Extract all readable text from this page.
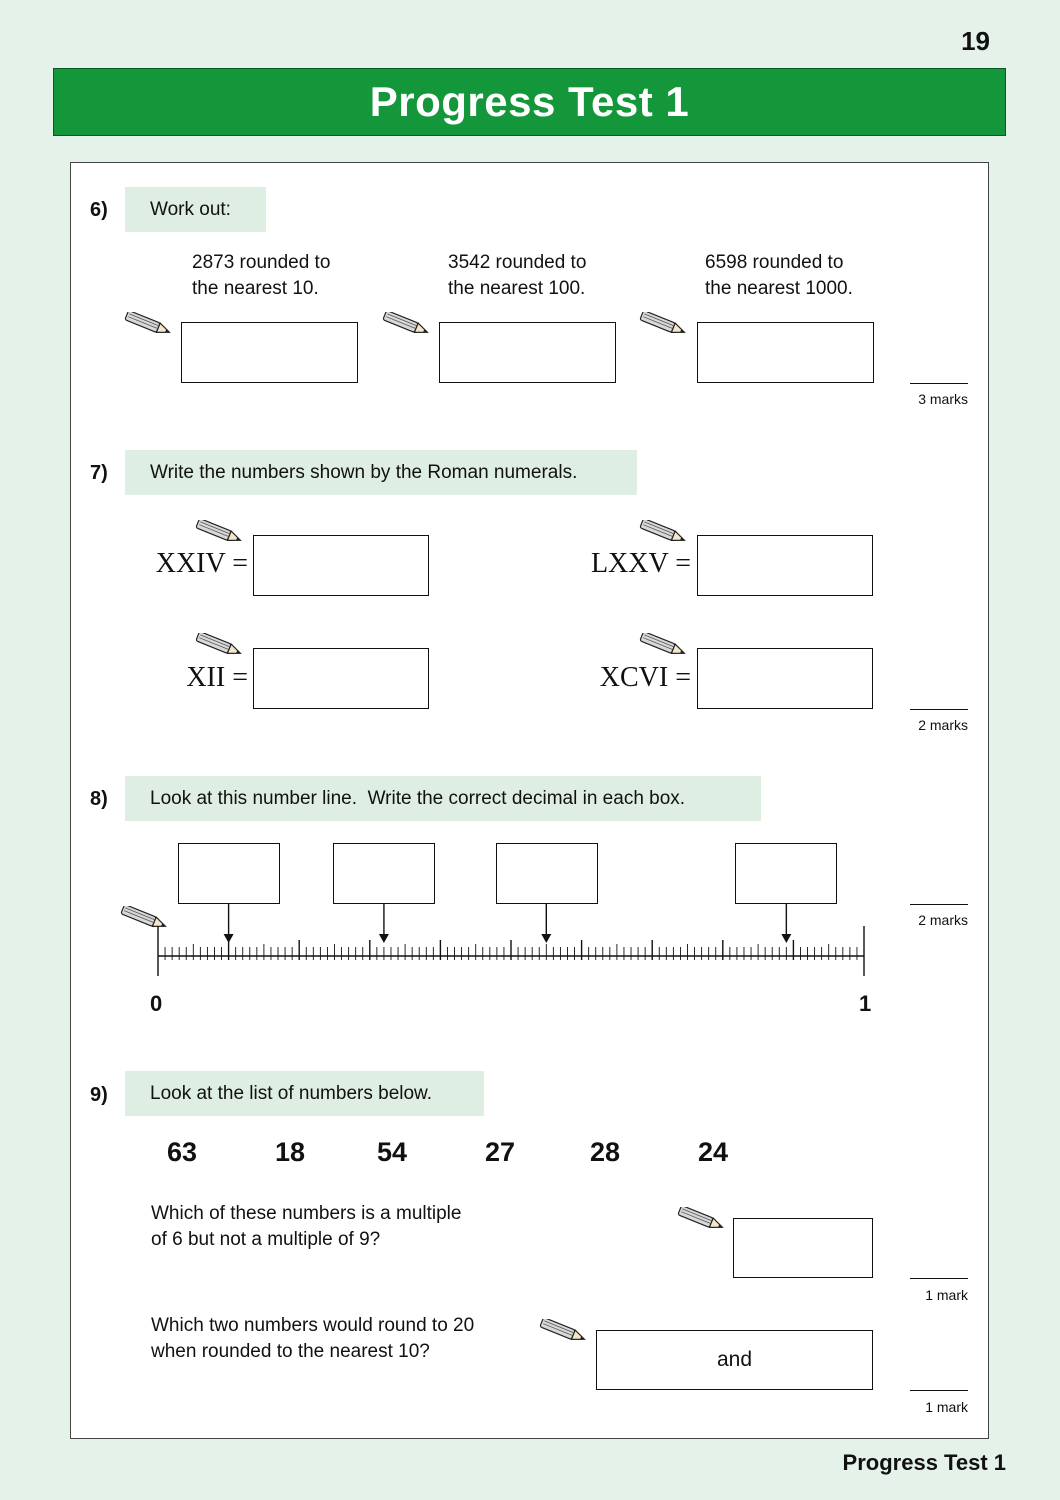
19
Progress Test 1
6)	Work out:
2873 rounded to
the nearest 10.
3542 rounded to
the nearest 100.
6598 rounded to
the nearest 1000.
3 marks
7)	Write the numbers shown by the Roman numerals.
XXIV =	LXXV =
XII =	XCVI =
2 marks
8)	Look at this number line.  Write the correct decimal in each box.
0	1
2 marks
9)	Look at the list of numbers below.
63	18	54	27	28	24
Which of these numbers is a multiple
of 6 but not a multiple of 9?
1 mark
Which two numbers would round to 20
when rounded to the nearest 10?	and
1 mark
Progress Test 1
